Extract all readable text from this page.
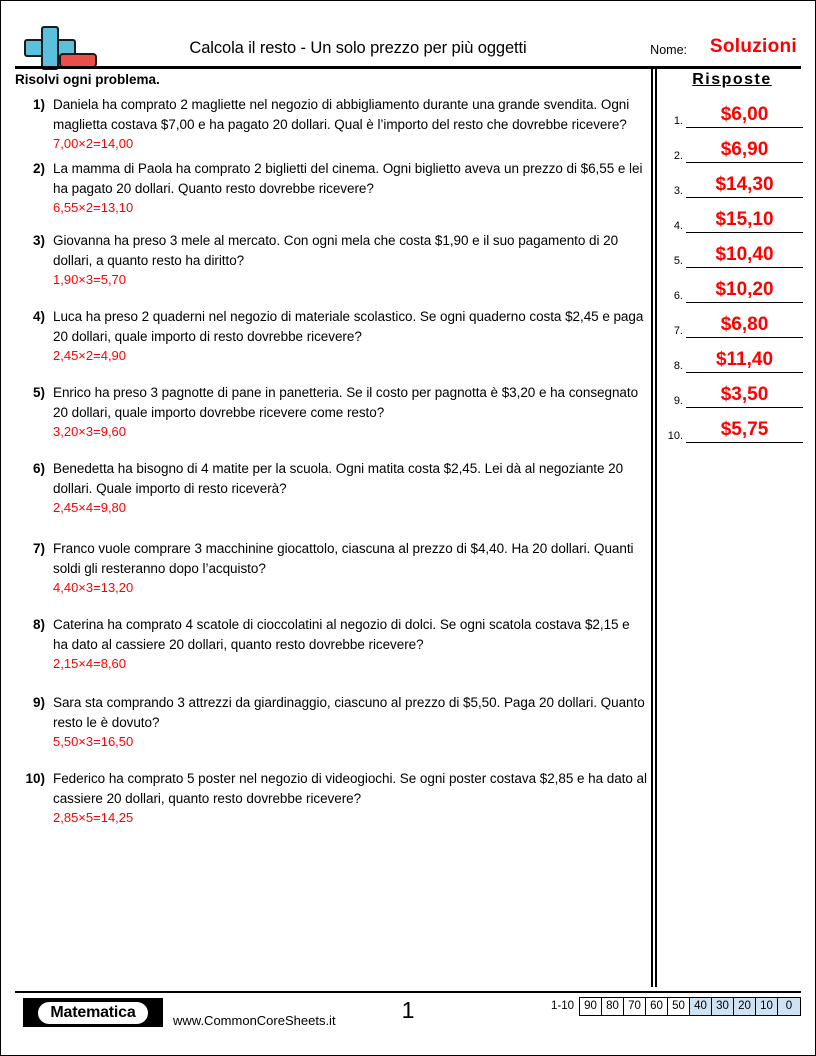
Calcola il resto - Un solo prezzo per più oggetti	Nome: Soluzioni
Risolvi ogni problema.
1) Daniela ha comprato 2 magliette nel negozio di abbigliamento durante una grande svendita. Ogni maglietta costava $7,00 e ha pagato 20 dollari. Qual è l’importo del resto che dovrebbe ricevere?
7,00×2=14,00
2) La mamma di Paola ha comprato 2 biglietti del cinema. Ogni biglietto aveva un prezzo di $6,55 e lei ha pagato 20 dollari. Quanto resto dovrebbe ricevere?
6,55×2=13,10
3) Giovanna ha preso 3 mele al mercato. Con ogni mela che costa $1,90 e il suo pagamento di 20 dollari, a quanto resto ha diritto?
1,90×3=5,70
4) Luca ha preso 2 quaderni nel negozio di materiale scolastico. Se ogni quaderno costa $2,45 e paga 20 dollari, quale importo di resto dovrebbe ricevere?
2,45×2=4,90
5) Enrico ha preso 3 pagnotte di pane in panetteria. Se il costo per pagnotta è $3,20 e ha consegnato 20 dollari, quale importo dovrebbe ricevere come resto?
3,20×3=9,60
6) Benedetta ha bisogno di 4 matite per la scuola. Ogni matita costa $2,45. Lei dà al negoziante 20 dollari. Quale importo di resto riceverà?
2,45×4=9,80
7) Franco vuole comprare 3 macchinine giocattolo, ciascuna al prezzo di $4,40. Ha 20 dollari. Quanti soldi gli resteranno dopo l’acquisto?
4,40×3=13,20
8) Caterina ha comprato 4 scatole di cioccolatini al negozio di dolci. Se ogni scatola costava $2,15 e ha dato al cassiere 20 dollari, quanto resto dovrebbe ricevere?
2,15×4=8,60
9) Sara sta comprando 3 attrezzi da giardinaggio, ciascuno al prezzo di $5,50. Paga 20 dollari. Quanto resto le è dovuto?
5,50×3=16,50
10) Federico ha comprato 5 poster nel negozio di videogiochi. Se ogni poster costava $2,85 e ha dato al cassiere 20 dollari, quanto resto dovrebbe ricevere?
2,85×5=14,25
Risposte
1.	$6,00
2.	$6,90
3.	$14,30
4.	$15,10
5.	$10,40
6.	$10,20
7.	$6,80
8.	$11,40
9.	$3,50
10.	$5,75
Matematica	www.CommonCoreSheets.it	1	1-10 90 80 70 60 50 40 30 20 10	0
